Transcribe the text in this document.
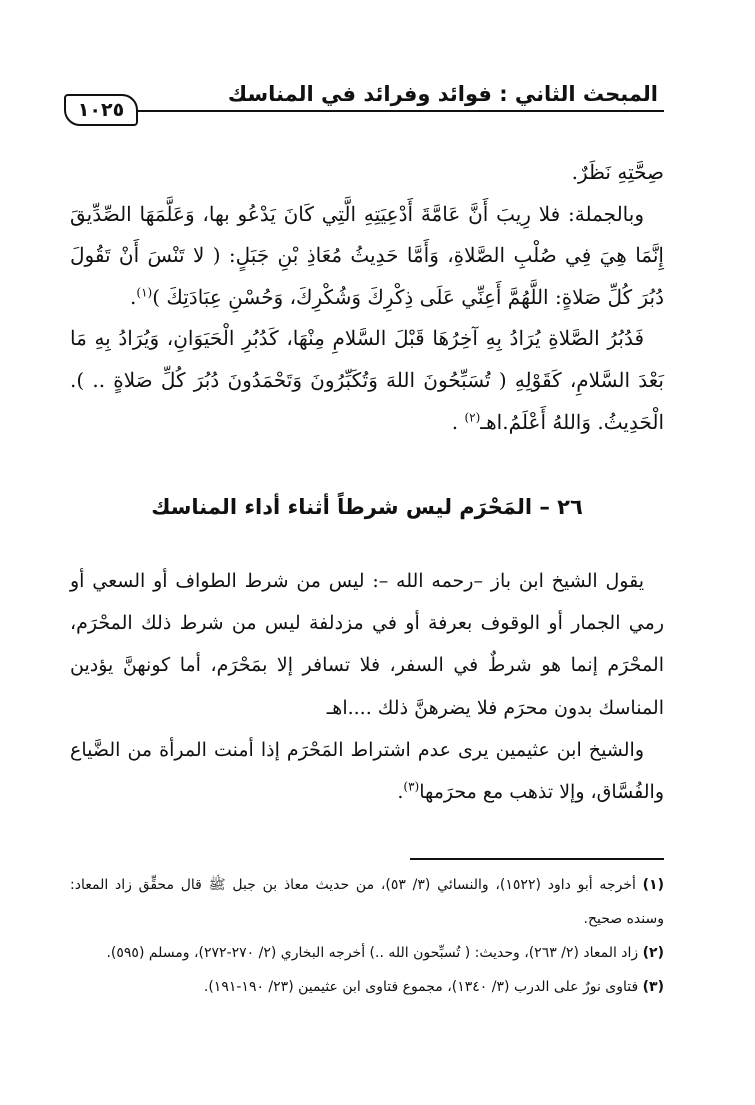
المبحث الثاني : فوائد وفرائد في المناسك
١٠٢٥

صِحَّتِهِ نَظَرٌ.

وبالجملة: فلا رِيبَ أَنَّ عَامَّةَ أَدْعِيَتِهِ الَّتِي كَانَ يَدْعُو بها، وَعَلَّمَهَا الصِّدِّيقَ إِنَّمَا هِيَ فِي صُلْبِ الصَّلاةِ، وَأَمَّا حَدِيثُ مُعَاذِ بْنِ جَبَلٍ: ( لا تَنْسَ أَنْ تَقُولَ دُبُرَ كُلِّ صَلاةٍ: اللَّهُمَّ أَعِنِّي عَلَى ذِكْرِكَ وَشُكْرِكَ، وَحُسْنِ عِبَادَتِكَ )$^{(١)}$.

فَدُبُرُ الصَّلاةِ يُرَادُ بِهِ آخِرُهَا قَبْلَ السَّلامِ مِنْهَا، كَدُبُرِ الْحَيَوَانِ، وَيُرَادُ بِهِ مَا بَعْدَ السَّلامِ، كَقَوْلِهِ ( تُسَبِّحُونَ اللهَ وَتُكَبِّرُونَ وَتَحْمَدُونَ دُبُرَ كُلِّ صَلاةٍ .. ). الْحَدِيثُ. وَاللهُ أَعْلَمُ.اهـ$^{(٢)}$ .

٢٦ – المَحْرَم ليس شرطاً أثناء أداء المناسك

يقول الشيخ ابن باز –رحمه الله –: ليس من شرط الطواف أو السعي أو رمي الجمار أو الوقوف بعرفة أو في مزدلفة ليس من شرط ذلك المحْرَم، المحْرَم إنما هو شرطٌ في السفر، فلا تسافر إلا بمَحْرَم، أما كونهنَّ يؤدين المناسك بدون محرَم فلا يضرهنَّ ذلك ....اهـ

والشيخ ابن عثيمين يرى عدم اشتراط المَحْرَم إذا أمنت المرأة من الضَّياع والفُسَّاق، وإلا تذهب مع محرَمها$^{(٣)}$.

(١) أخرجه أبو داود (١٥٢٢)، والنسائي (٣/ ٥٣)، من حديث معاذ بن جبل ﷺ قال محقِّق زاد المعاد: وسنده صحيح.

(٢) زاد المعاد (٢/ ٢٦٣)، وحديث: ( تُسبِّحون الله ..) أخرجه البخاري (٢/ ٢٧٠-٢٧٢)، ومسلم (٥٩٥).

(٣) فتاوى نورٌ على الدرب (٣/ ١٣٤٠)، مجموع فتاوى ابن عثيمين (٢٣/ ١٩٠-١٩١).
